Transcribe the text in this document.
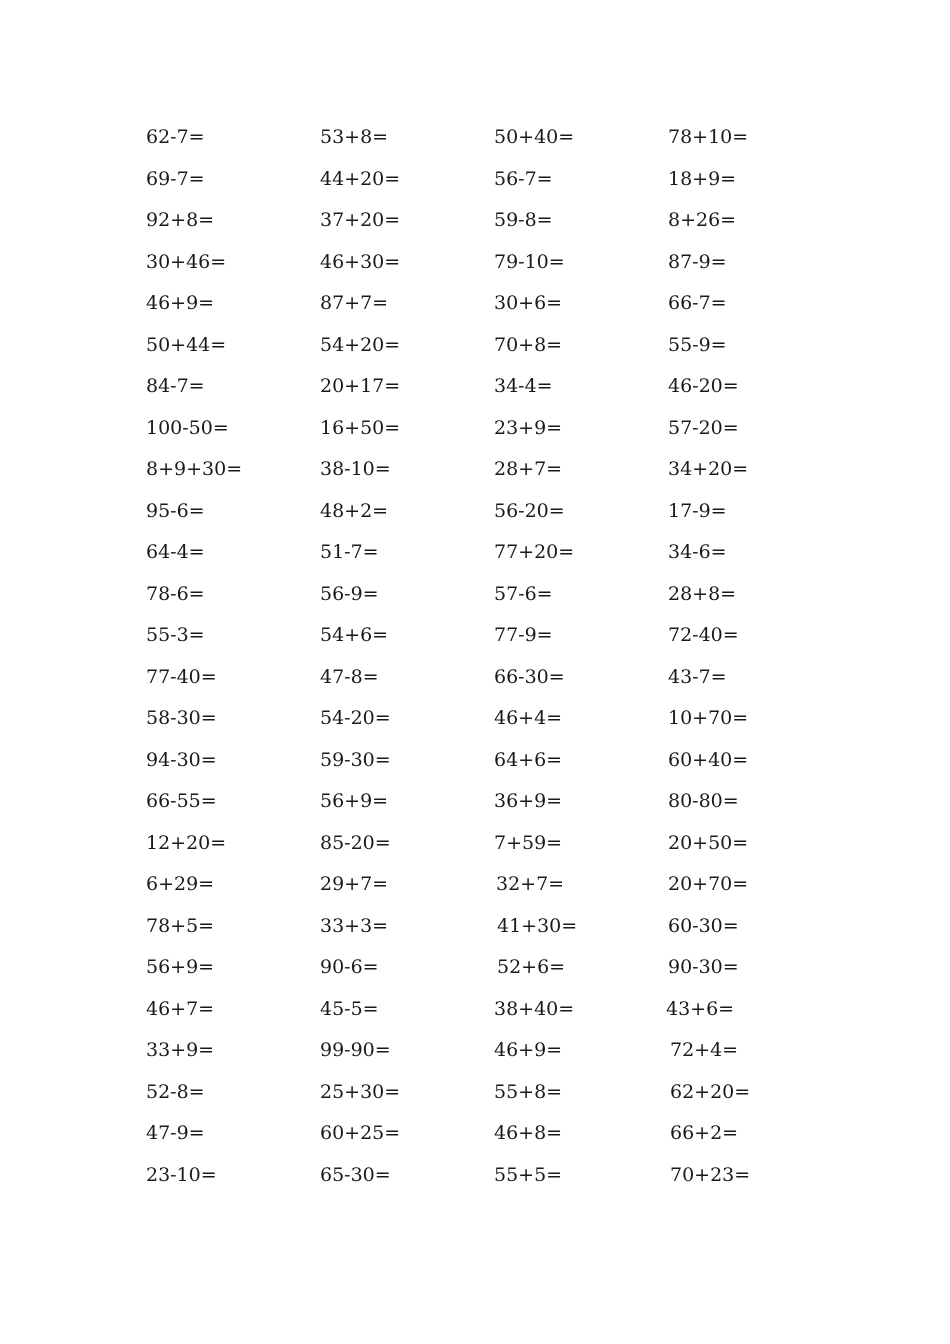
62-7=	53+8=	50+40=	78+10=
69-7=	44+20=	56-7=	18+9=
92+8=	37+20=	59-8=	8+26=
30+46=	46+30=	79-10=	87-9=
46+9=	87+7=	30+6=	66-7=
50+44=	54+20=	70+8=	55-9=
84-7=	20+17=	34-4=	46-20=
100-50=	16+50=	23+9=	57-20=
8+9+30=	38-10=	28+7=	34+20=
95-6=	48+2=	56-20=	17-9=
64-4=	51-7=	77+20=	34-6=
78-6=	56-9=	57-6=	28+8=
55-3=	54+6=	77-9=	72-40=
77-40=	47-8=	66-30=	43-7=
58-30=	54-20=	46+4=	10+70=
94-30=	59-30=	64+6=	60+40=
66-55=	56+9=	36+9=	80-80=
12+20=	85-20=	7+59=	20+50=
6+29=	29+7=	32+7=	20+70=
78+5=	33+3=	41+30=	60-30=
56+9=	90-6=	52+6=	90-30=
46+7=	45-5=	38+40=	43+6=
33+9=	99-90=	46+9=	72+4=
52-8=	25+30=	55+8=	62+20=
47-9=	60+25=	46+8=	66+2=
23-10=	65-30=	55+5=	70+23=
